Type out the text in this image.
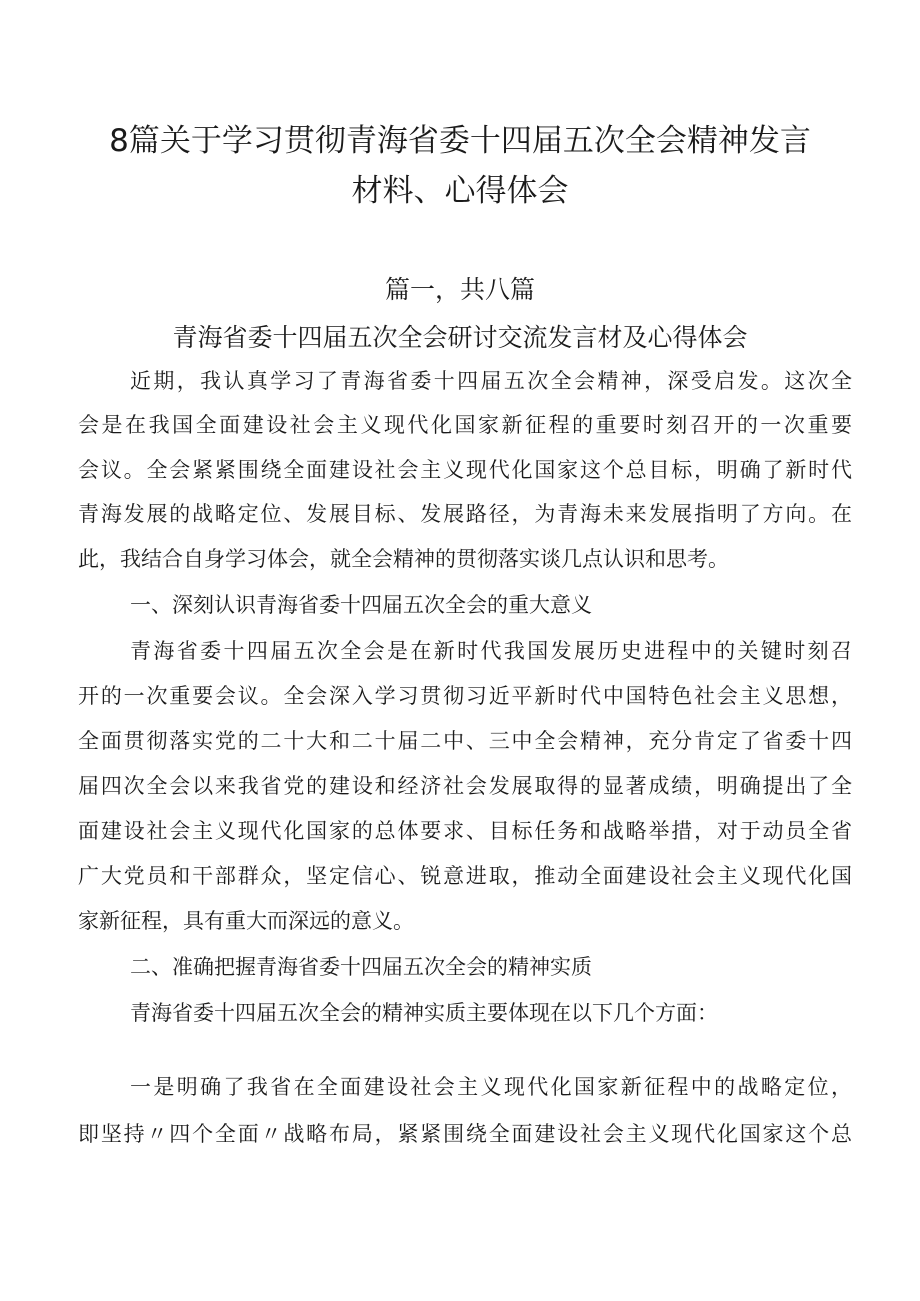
8篇关于学习贯彻青海省委十四届五次全会精神发言
材料、心得体会
篇一，共八篇
青海省委十四届五次全会研讨交流发言材及心得体会
近期，我认真学习了青海省委十四届五次全会精神，深受启发。这次全
会是在我国全面建设社会主义现代化国家新征程的重要时刻召开的一次重要
会议。全会紧紧围绕全面建设社会主义现代化国家这个总目标，明确了新时代
青海发展的战略定位、发展目标、发展路径，为青海未来发展指明了方向。在
此，我结合自身学习体会，就全会精神的贯彻落实谈几点认识和思考。
一、深刻认识青海省委十四届五次全会的重大意义
青海省委十四届五次全会是在新时代我国发展历史进程中的关键时刻召
开的一次重要会议。全会深入学习贯彻习近平新时代中国特色社会主义思想，
全面贯彻落实党的二十大和二十届二中、三中全会精神，充分肯定了省委十四
届四次全会以来我省党的建设和经济社会发展取得的显著成绩，明确提出了全
面建设社会主义现代化国家的总体要求、目标任务和战略举措，对于动员全省
广大党员和干部群众，坚定信心、锐意进取，推动全面建设社会主义现代化国
家新征程，具有重大而深远的意义。
二、准确把握青海省委十四届五次全会的精神实质
青海省委十四届五次全会的精神实质主要体现在以下几个方面：
一是明确了我省在全面建设社会主义现代化国家新征程中的战略定位，
即坚持〃四个全面〃战略布局，紧紧围绕全面建设社会主义现代化国家这个总
